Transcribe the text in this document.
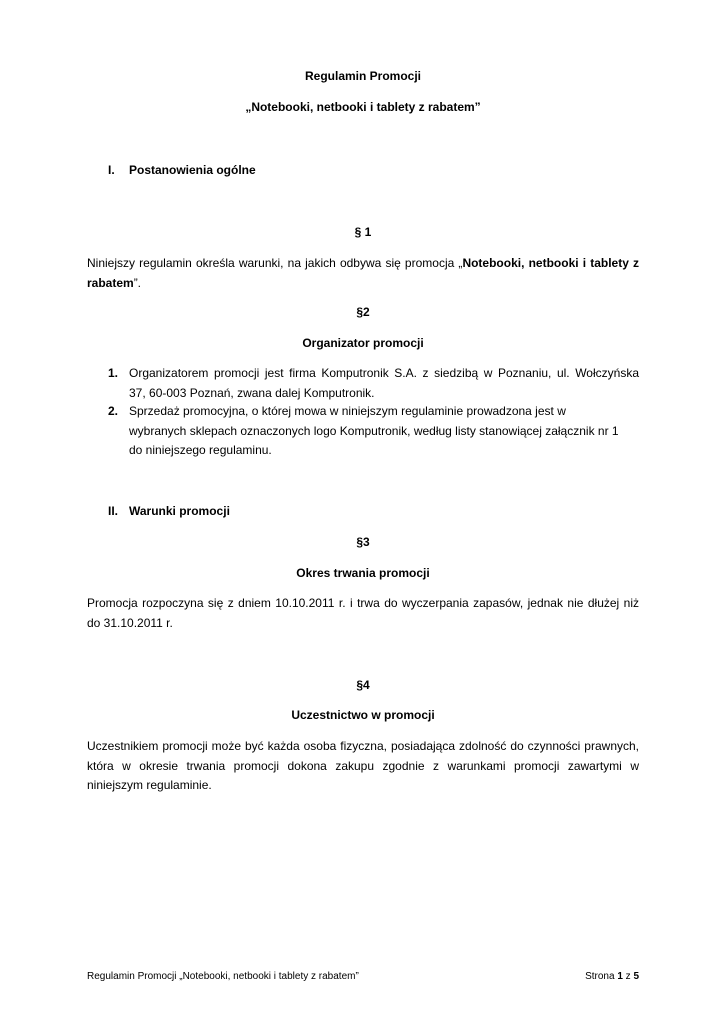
Regulamin Promocji
„Notebooki, netbooki i tablety z rabatem”
I. Postanowienia ogólne
§ 1
Niniejszy regulamin określa warunki, na jakich odbywa się promocja „Notebooki, netbooki i tablety z
rabatem”.
§2
Organizator promocji
1. Organizatorem promocji jest firma Komputronik S.A. z siedzibą w Poznaniu, ul. Wołczyńska
37, 60-003 Poznań, zwana dalej Komputronik.
2. Sprzedaż promocyjna, o której mowa w niniejszym regulaminie prowadzona jest w
wybranych sklepach oznaczonych logo Komputronik, według listy stanowiącej załącznik nr 1
do niniejszego regulaminu.
II. Warunki promocji
§3
Okres trwania promocji
Promocja rozpoczyna się z dniem 10.10.2011 r. i trwa do wyczerpania zapasów, jednak nie dłużej niż
do 31.10.2011 r.
§4
Uczestnictwo w promocji
Uczestnikiem promocji może być każda osoba fizyczna, posiadająca zdolność do czynności prawnych,
która w okresie trwania promocji dokona zakupu zgodnie z warunkami promocji zawartymi w
niniejszym regulaminie.
Regulamin Promocji „Notebooki, netbooki i tablety z rabatem”	Strona 1 z 5
